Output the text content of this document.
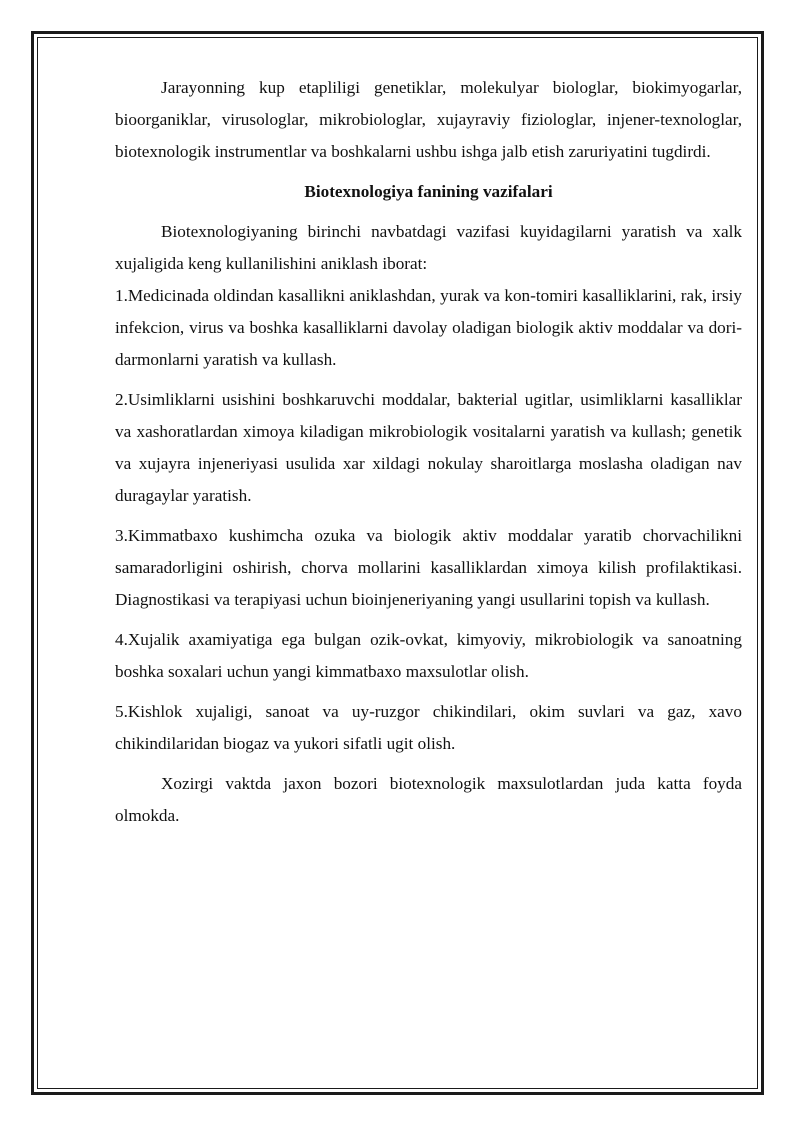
Jarayonning kup etapliligi genetiklar, molekulyar biologlar, biokimyogarlar, bioorganiklar, virusologlar, mikrobiologlar, xujayraviy fiziologlar, injener-texnologlar, biotexnologik instrumentlar va boshkalarni ushbu ishga jalb etish zaruriyatini tugdirdi.

Biotexnologiya fanining vazifalari

Biotexnologiyaning birinchi navbatdagi vazifasi kuyidagilarni yaratish va xalk xujaligida keng kullanilishini aniklash iborat:

1.Medicinada oldindan kasallikni aniklashdan, yurak va kon-tomiri kasalliklarini, rak, irsiy infekcion, virus va boshka kasalliklarni davolay oladigan biologik aktiv moddalar va dori-darmonlarni yaratish va kullash.

2.Usimliklarni usishini boshkaruvchi moddalar, bakterial ugitlar, usimliklarni kasalliklar va xashoratlardan ximoya kiladigan mikrobiologik vositalarni yaratish va kullash; genetik va xujayra injeneriyasi usulida xar xildagi nokulay sharoitlarga moslasha oladigan nav duragaylar yaratish.

3.Kimmatbaxo kushimcha ozuka va biologik aktiv moddalar yaratib chorvachilikni samaradorligini oshirish, chorva mollarini kasalliklardan ximoya kilish profilaktikasi. Diagnostikasi va terapiyasi uchun bioinjeneriyaning yangi usullarini topish va kullash.

4.Xujalik axamiyatiga ega bulgan ozik-ovkat, kimyoviy, mikrobiologik va sanoatning boshka soxalari uchun yangi kimmatbaxo maxsulotlar olish.

5.Kishlok xujaligi, sanoat va uy-ruzgor chikindilari, okim suvlari va gaz, xavo chikindilaridan biogaz va yukori sifatli ugit olish.

Xozirgi vaktda jaxon bozori biotexnologik maxsulotlardan juda katta foyda olmokda.
